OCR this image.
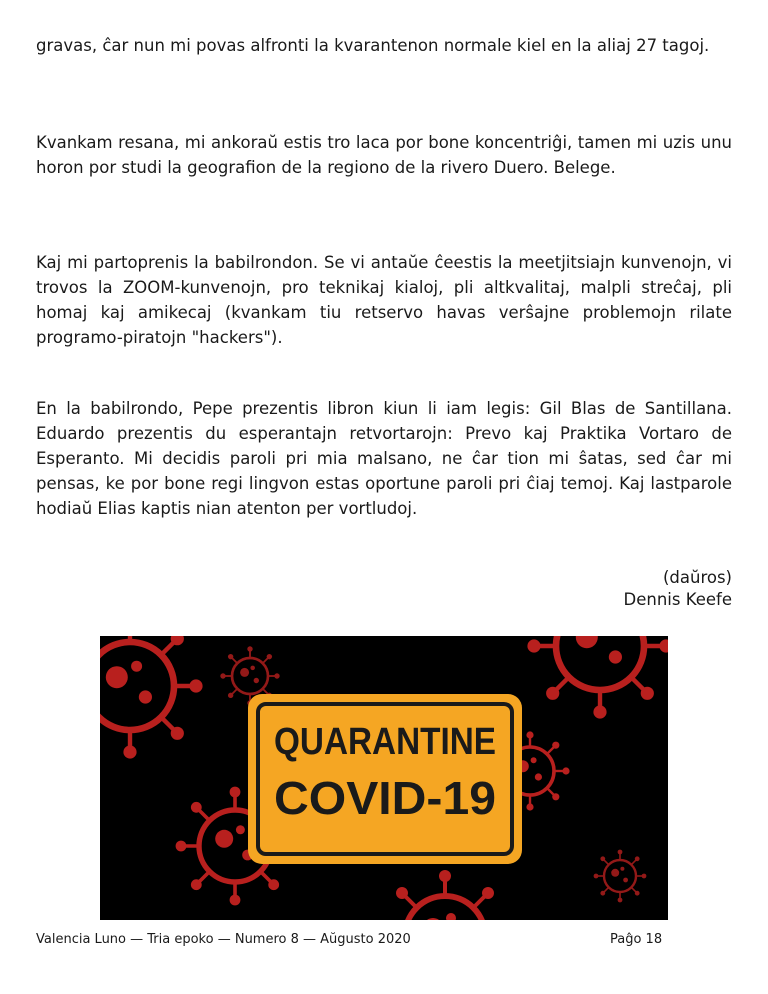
gravas, ĉar nun mi povas alfronti la kvarantenon normale kiel en la aliaj 27 tagoj.

Kvankam resana, mi ankoraŭ estis tro laca por bone koncentriĝi, tamen mi uzis unu horon por studi la geografion de la regiono de la rivero Duero. Belege.

Kaj mi partoprenis la babilrondon. Se vi antaŭe ĉeestis la meetjitsiajn kunvenojn, vi trovos la ZOOM-kunvenojn, pro teknikaj kialoj, pli altkvalitaj, malpli streĉaj, pli homaj kaj amikecaj (kvankam tiu retservo havas verŝajne problemojn rilate programo-piratojn "hackers").

En la babilrondo, Pepe prezentis libron kiun li iam legis: Gil Blas de Santillana. Eduardo prezentis du esperantajn retvortarojn: Prevo kaj Praktika Vortaro de Esperanto. Mi decidis paroli pri mia malsano, ne ĉar tion mi ŝatas, sed ĉar mi pensas, ke por bone regi lingvon estas oportune paroli pri ĉiaj temoj. Kaj lastparole hodiaŭ Elias kaptis nian atenton per vortludoj.

(daŭros)
Dennis Keefe
QUARANTINE
COVID-19
Valencia Luno — Tria epoko — Numero 8 — Aŭgusto 2020	Paĝo 18
